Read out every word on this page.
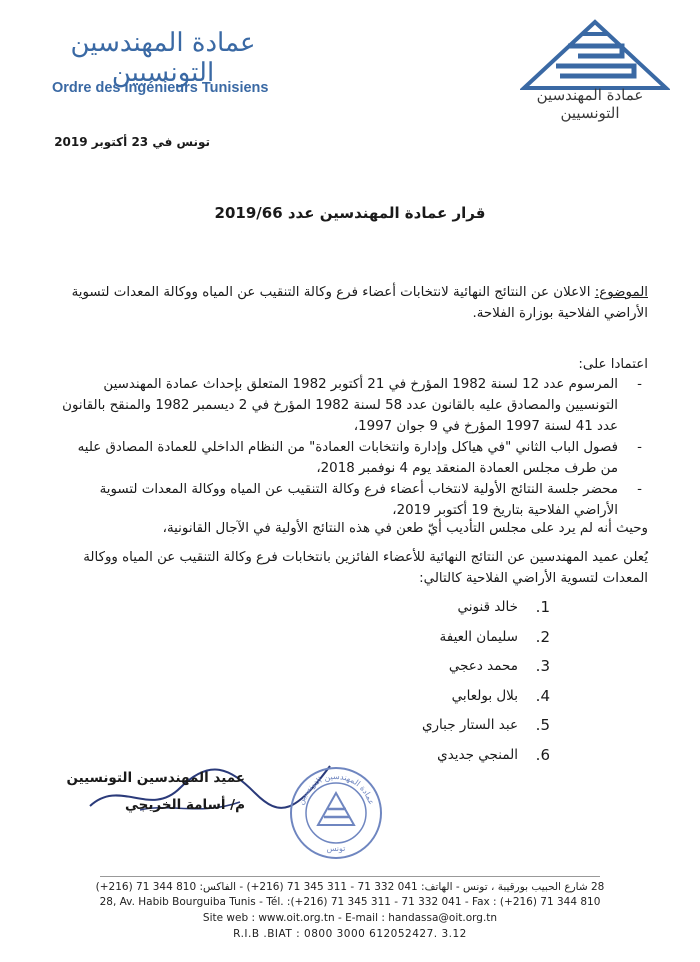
عمادة المهندسين التونسيين
Ordre des Ingénieurs Tunisiens	عمادة المهندسين التونسيين
تونس في 23 أكتوبر 2019
قرار عمادة المهندسين عدد 2019/66
الموضوع: الاعلان عن النتائج النهائية لانتخابات أعضاء فرع وكالة التنقيب عن المياه ووكالة المعدات لتسوية الأراضي الفلاحية بوزارة الفلاحة.
اعتمادا على:
-
المرسوم عدد 12 لسنة 1982 المؤرخ في 21 أكتوبر 1982 المتعلق بإحداث عمادة المهندسين التونسيين والمصادق عليه بالقانون عدد 58 لسنة 1982 المؤرخ في 2 ديسمبر 1982 والمنقح بالقانون عدد 41 لسنة 1997 المؤرخ في 9 جوان 1997،
-
فصول الباب الثاني "في هياكل وإدارة وانتخابات العمادة" من النظام الداخلي للعمادة المصادق عليه من طرف مجلس العمادة المنعقد يوم 4 نوفمبر 2018،
-
محضر جلسة النتائج الأولية لانتخاب أعضاء فرع وكالة التنقيب عن المياه ووكالة المعدات لتسوية الأراضي الفلاحية بتاريخ 19 أكتوبر 2019،
وحيث أنه لم يرد على مجلس التأديب أيّ طعن في هذه النتائج الأولية في الآجال القانونية،
يُعلن عميد المهندسين عن النتائج النهائية للأعضاء الفائزين بانتخابات فرع وكالة التنقيب عن المياه ووكالة المعدات لتسوية الأراضي الفلاحية كالتالي:
1.
خالد قنوني
2.
سليمان العيفة
3.
محمد دعجي
4.
بلال بولعابي
5.
عبد الستار جباري
6.
المنجي جديدي
عميد المهندسين التونسيين
م/ أسامة الخريجي	عمادة المهندسين التونسيين
تونس
28 شارع الحبيب بورقيبة ، تونس - الهاتف: 041 332 71 - 311 345 71 (216+) - الفاكس: 810 344 71 (216+)
28, Av. Habib Bourguiba Tunis - Tél. :(+216) 71 345 311 - 71 332 041 - Fax : (+216) 71 344 810
Site web : www.oit.org.tn - E-mail : handassa@oit.org.tn
R.I.B .BIAT : 0800 3000 612052427. 3.12
